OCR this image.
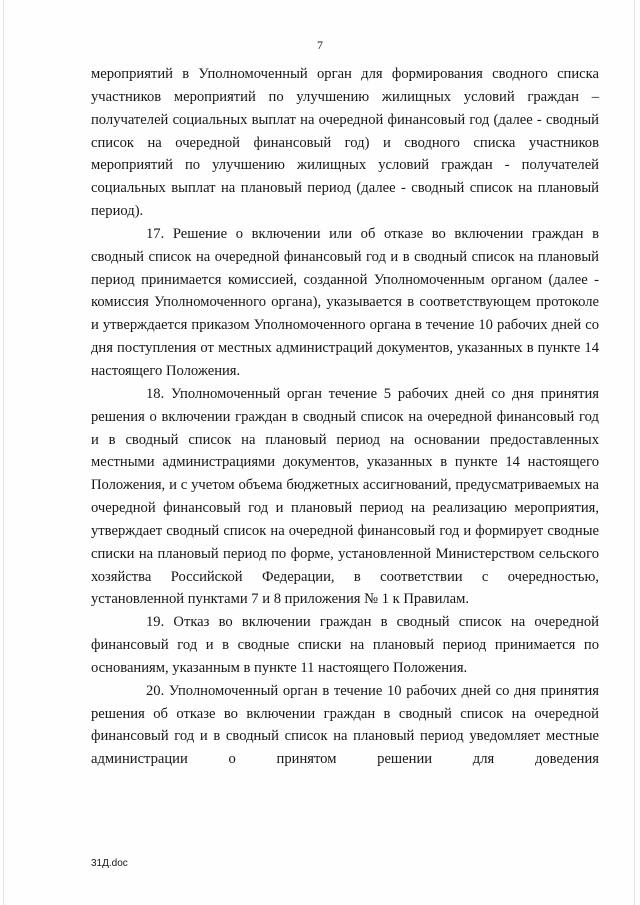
7

мероприятий в Уполномоченный орган для формирования сводного списка участников мероприятий по улучшению жилищных условий граждан – получателей социальных выплат на очередной финансовый год (далее - сводный список на очередной финансовый год) и сводного списка участников мероприятий по улучшению жилищных условий граждан - получателей социальных выплат на плановый период (далее - сводный список на плановый период).

17. Решение о включении или об отказе во включении граждан в сводный список на очередной финансовый год и в сводный список на плановый период принимается комиссией, созданной Уполномоченным органом (далее - комиссия Уполномоченного органа), указывается в соответствующем протоколе и утверждается приказом Уполномоченного органа в течение 10 рабочих дней со дня поступления от местных администраций документов, указанных в пункте 14 настоящего Положения.

18. Уполномоченный орган течение 5 рабочих дней со дня принятия решения о включении граждан в сводный список на очередной финансовый год и в сводный список на плановый период на основании предоставленных местными администрациями документов, указанных в пункте 14 настоящего Положения, и с учетом объема бюджетных ассигнований, предусматриваемых на очередной финансовый год и плановый период на реализацию мероприятия, утверждает сводный список на очередной финансовый год и формирует сводные списки на плановый период по форме, установленной Министерством сельского хозяйства Российской Федерации, в соответствии с очередностью, установленной пунктами 7 и 8 приложения № 1 к Правилам.

19. Отказ во включении граждан в сводный список на очередной финансовый год и в сводные списки на плановый период принимается по основаниям, указанным в пункте 11 настоящего Положения.

20. Уполномоченный орган в течение 10 рабочих дней со дня принятия решения об отказе во включении граждан в сводный список на очередной финансовый год и в сводный список на плановый период уведомляет местные администрации о принятом решении для доведения

31Д.doc
